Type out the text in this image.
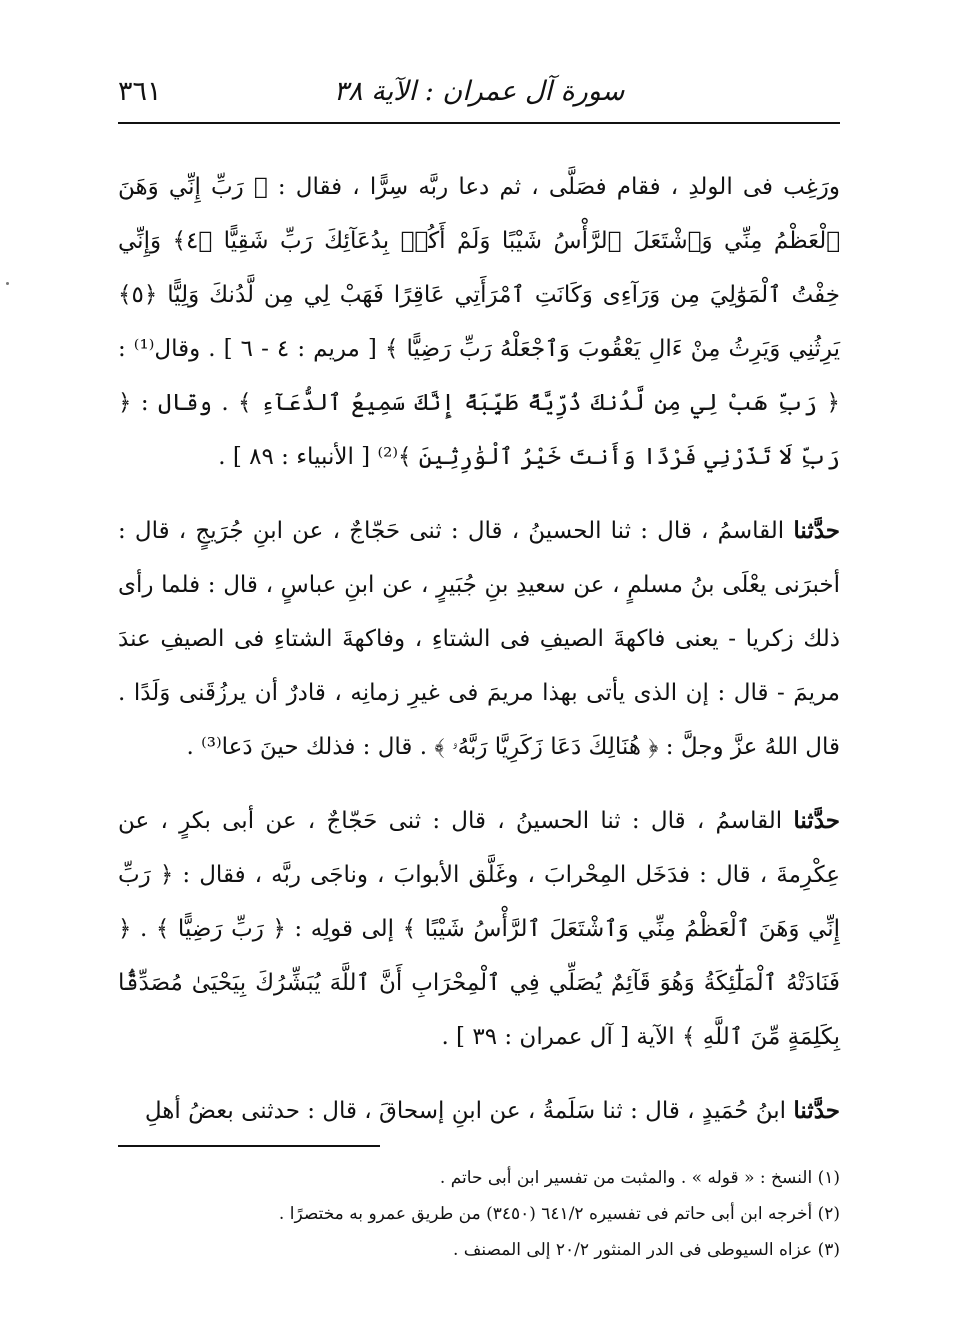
سورة آل عمران : الآية ٣٨
٣٦١

ورَغِب فى الولدِ ، فقام فصَلَّى ، ثم دعا ربَّه سِرًّا ، فقال : ﴿ رَبِّ إِنِّي وَهَنَ ٱلْعَظْمُ مِنِّي وَٱشْتَعَلَ ٱلرَّأْسُ شَيْبًا وَلَمْ أَكُنۢ بِدُعَآئِكَ رَبِّ شَقِيًّا ﴿٤﴾ وَإِنِّي خِفْتُ ٱلْمَوَٰلِيَ مِن وَرَآءِى وَكَانَتِ ٱمْرَأَتِي عَاقِرًا فَهَبْ لِي مِن لَّدُنكَ وَلِيًّا ﴿٥﴾ يَرِثُنِي وَيَرِثُ مِنْ ءَالِ يَعْقُوبَ وَٱجْعَلْهُ رَبِّ رَضِيًّا ﴾ [ مريم : ٤ - ٦ ] . وقال⁽¹⁾ : ﴿ رَبِّ هَبْ لِي مِن لَّدُنكَ ذُرِّيَّةً طَيِّبَةً إِنَّكَ سَمِيعُ ٱلدُّعَآءِ ﴾ . وقال : ﴿ رَبِّ لَا تَذَرْنِي فَرْدًا وَأَنتَ خَيْرُ ٱلْوَٰرِثِينَ ﴾⁽²⁾ [ الأنبياء : ٨٩ ] .

حدَّثنا القاسمُ ، قال : ثنا الحسينُ ، قال : ثنى حَجّاجٌ ، عن ابنِ جُرَيجٍ ، قال : أخبرَنى يعْلَى بنُ مسلمٍ ، عن سعيدِ بنِ جُبَيرٍ ، عن ابنِ عباسٍ ، قال : فلما رأى ذلك زكريا - يعنى فاكهةَ الصيفِ فى الشتاءِ ، وفاكهةَ الشتاءِ فى الصيفِ عندَ مريمَ - قال : إن الذى يأتى بهذا مريمَ فى غيرِ زمانِه ، قادرٌ أن يرزُقَنى وَلَدًا . قال اللهُ عزَّ وجلَّ : ﴿ هُنَالِكَ دَعَا زَكَرِيَّا رَبَّهُۥ ﴾ . قال : فذلك حينَ دَعا⁽³⁾ .

حدَّثنا القاسمُ ، قال : ثنا الحسينُ ، قال : ثنى حَجّاجٌ ، عن أبى بكرٍ ، عن عِكْرِمةَ ، قال : فدَخَل المِحْرابَ ، وغَلَّق الأبوابَ ، وناجَى ربَّه ، فقال : ﴿ رَبِّ إِنِّي وَهَنَ ٱلْعَظْمُ مِنِّي وَٱشْتَعَلَ ٱلرَّأْسُ شَيْبًا ﴾ إلى قولِه : ﴿ رَبِّ رَضِيًّا ﴾ . ﴿ فَنَادَتْهُ ٱلْمَلَٰٓئِكَةُ وَهُوَ قَآئِمٌ يُصَلِّي فِي ٱلْمِحْرَابِ أَنَّ ٱللَّهَ يُبَشِّرُكَ بِيَحْيَىٰ مُصَدِّقًۢا بِكَلِمَةٍ مِّنَ ٱللَّهِ ﴾ الآية [ آل عمران : ٣٩ ] .

حدَّثنا ابنُ حُمَيدٍ ، قال : ثنا سَلَمةُ ، عن ابنِ إسحاقَ ، قال : حدثنى بعضُ أهلِ

(١) النسخ : « قوله » . والمثبت من تفسير ابن أبى حاتم .
(٢) أخرجه ابن أبى حاتم فى تفسيره ٦٤١/٢ (٣٤٥٠) من طريق عمرو به مختصرًا .
(٣) عزاه السيوطى فى الدر المنثور ٢٠/٢ إلى المصنف .
